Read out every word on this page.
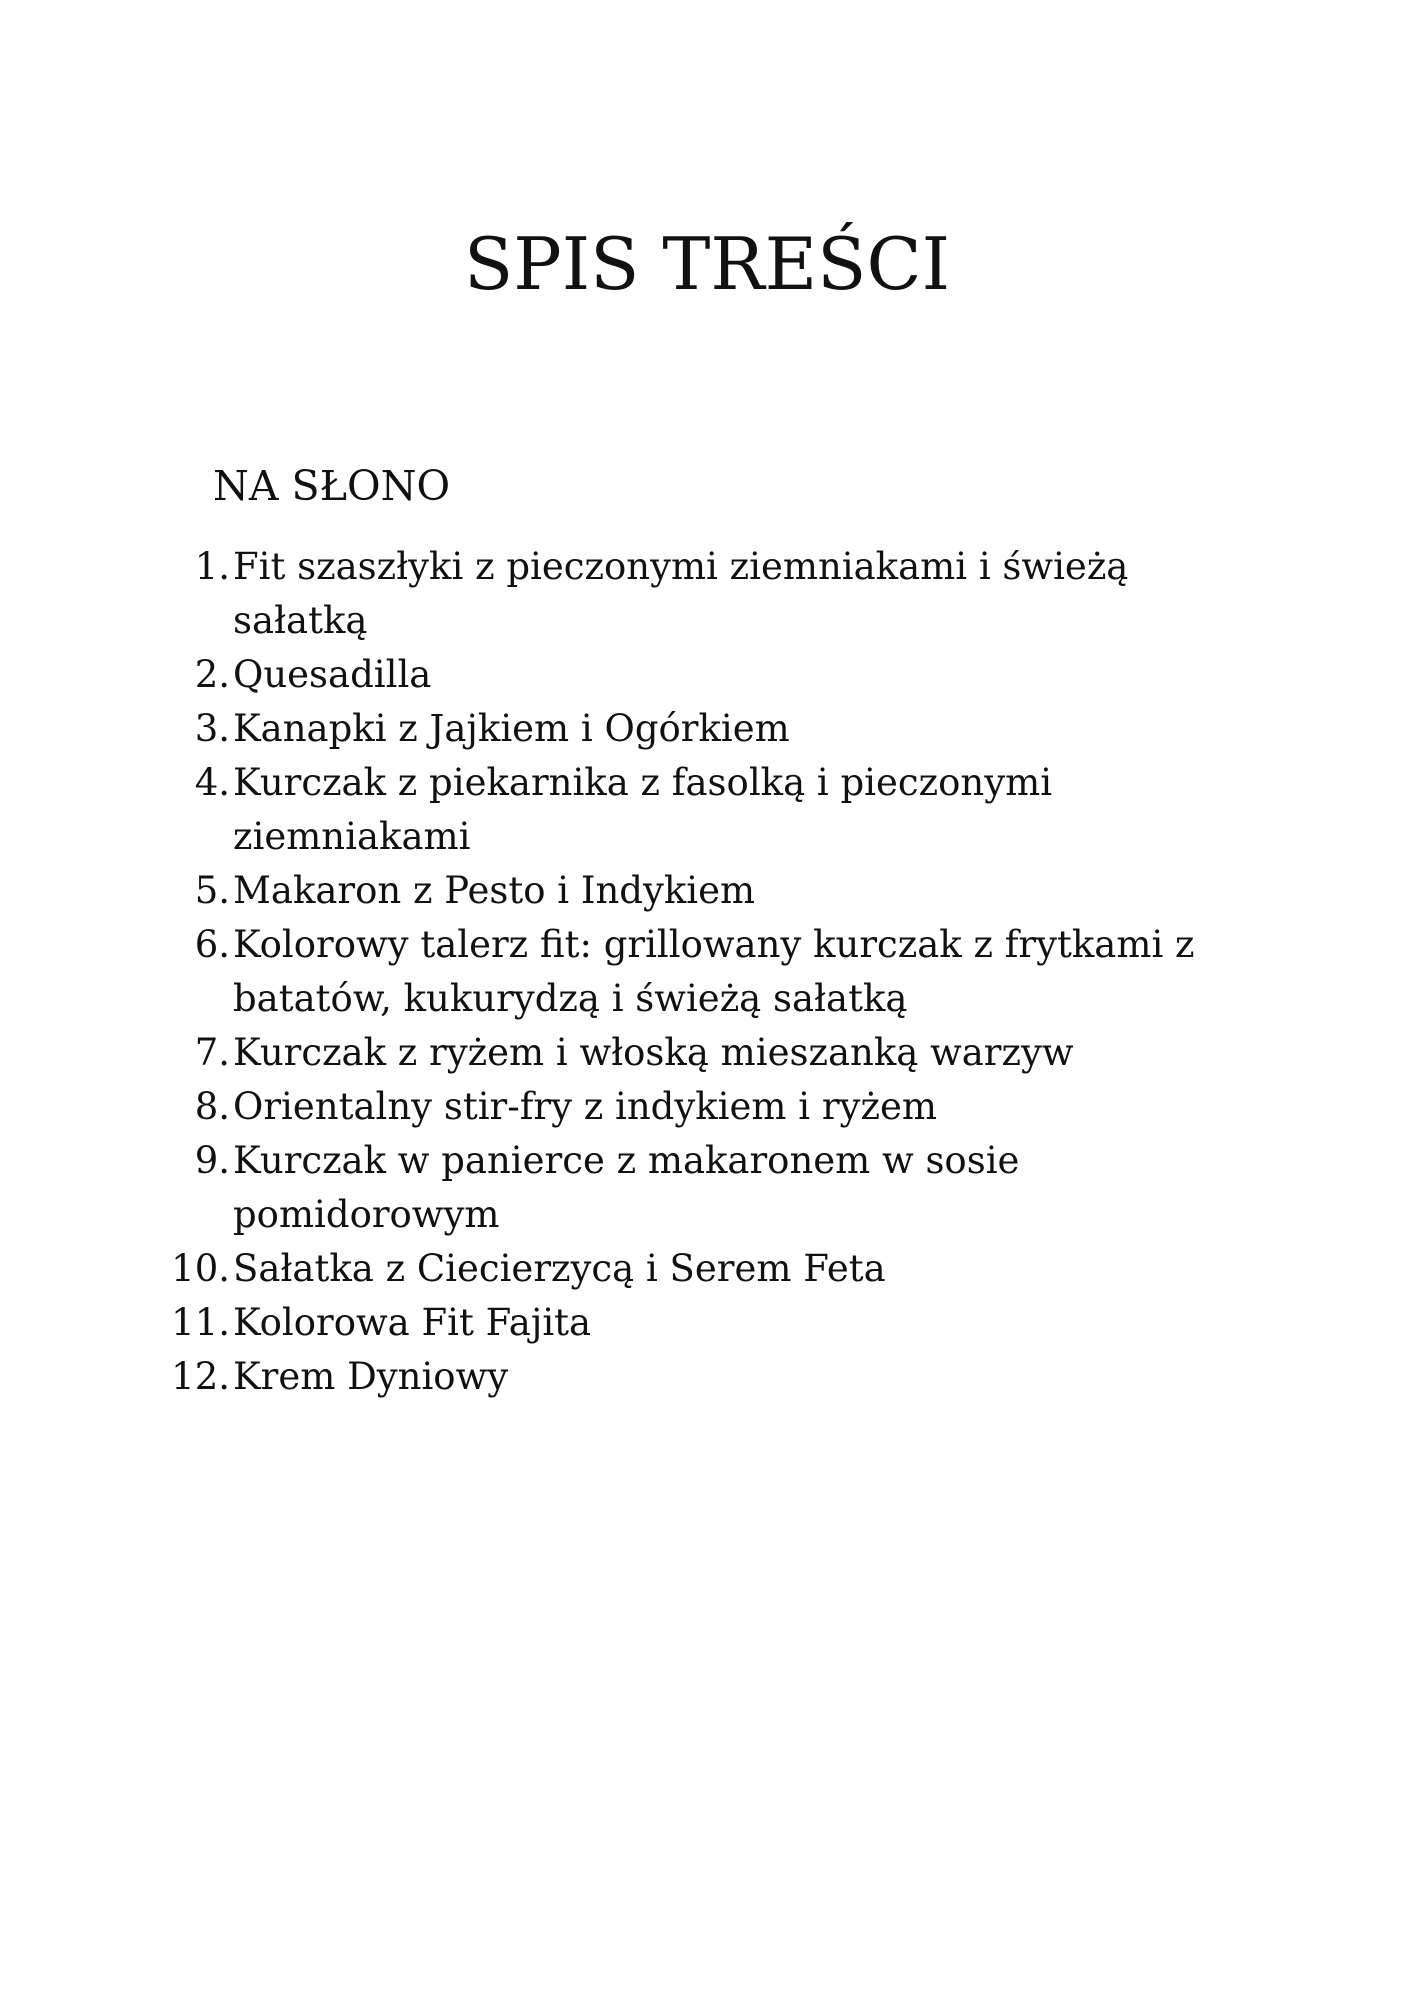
SPIS TREŚCI
NA SŁONO
1. Fit szaszłyki z pieczonymi ziemniakami i świeżą sałatką
2. Quesadilla
3. Kanapki z Jajkiem i Ogórkiem
4. Kurczak z piekarnika z fasolką i pieczonymi ziemniakami
5. Makaron z Pesto i Indykiem
6. Kolorowy talerz fit: grillowany kurczak z frytkami z batatów, kukurydzą i świeżą sałatką
7. Kurczak z ryżem i włoską mieszanką warzyw
8. Orientalny stir-fry z indykiem i ryżem
9. Kurczak w panierce z makaronem w sosie pomidorowym
10. Sałatka z Ciecierzycą i Serem Feta
11. Kolorowa Fit Fajita
12. Krem Dyniowy
